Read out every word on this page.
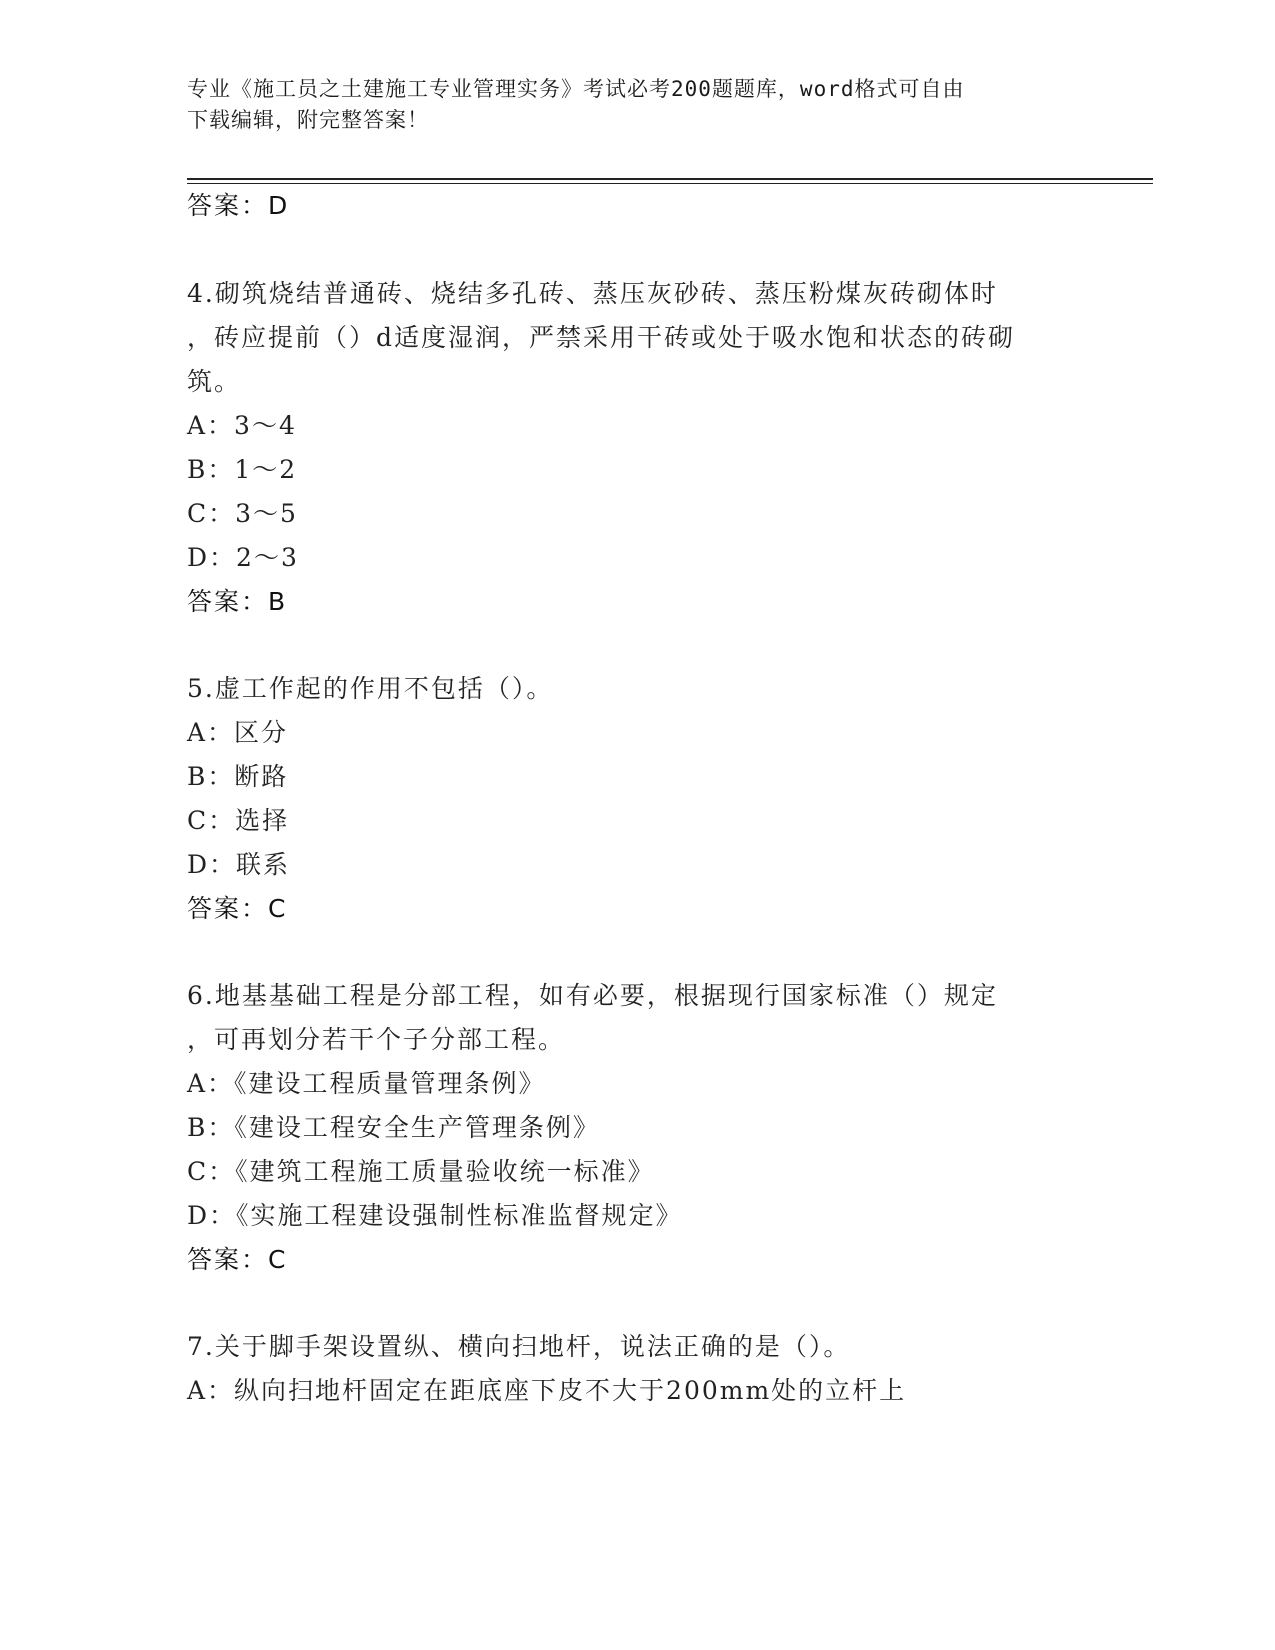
专业《施工员之土建施工专业管理实务》考试必考200题题库，word格式可自由
下载编辑，附完整答案！
答案：D
4.砌筑烧结普通砖、烧结多孔砖、蒸压灰砂砖、蒸压粉煤灰砖砌体时
，砖应提前（）d适度湿润，严禁采用干砖或处于吸水饱和状态的砖砌
筑。
A：3～4
B：1～2
C：3～5
D：2～3
答案：B
5.虚工作起的作用不包括（）。
A：区分
B：断路
C：选择
D：联系
答案：C
6.地基基础工程是分部工程，如有必要，根据现行国家标准（）规定
，可再划分若干个子分部工程。
A：《建设工程质量管理条例》
B：《建设工程安全生产管理条例》
C：《建筑工程施工质量验收统一标准》
D：《实施工程建设强制性标准监督规定》
答案：C
7.关于脚手架设置纵、横向扫地杆，说法正确的是（）。
A：纵向扫地杆固定在距底座下皮不大于200mm处的立杆上
